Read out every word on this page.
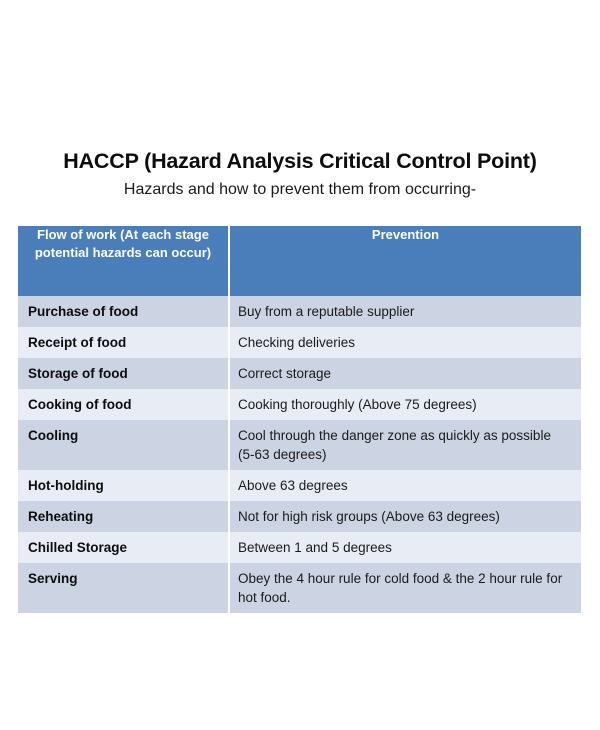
HACCP (Hazard Analysis Critical Control Point)
Hazards and how to prevent them from occurring-
Flow of work (At each stage potential hazards can occur)	Prevention
Purchase of food	Buy from a reputable supplier
Receipt of food	Checking deliveries
Storage of food	Correct storage
Cooking of food	Cooking thoroughly (Above 75 degrees)
Cooling	Cool through the danger zone as quickly as possible (5-63 degrees)
Hot-holding	Above 63 degrees
Reheating	Not for high risk groups (Above 63 degrees)
Chilled Storage	Between 1 and 5 degrees
Serving	Obey the 4 hour rule for cold food & the 2 hour rule for hot food.
